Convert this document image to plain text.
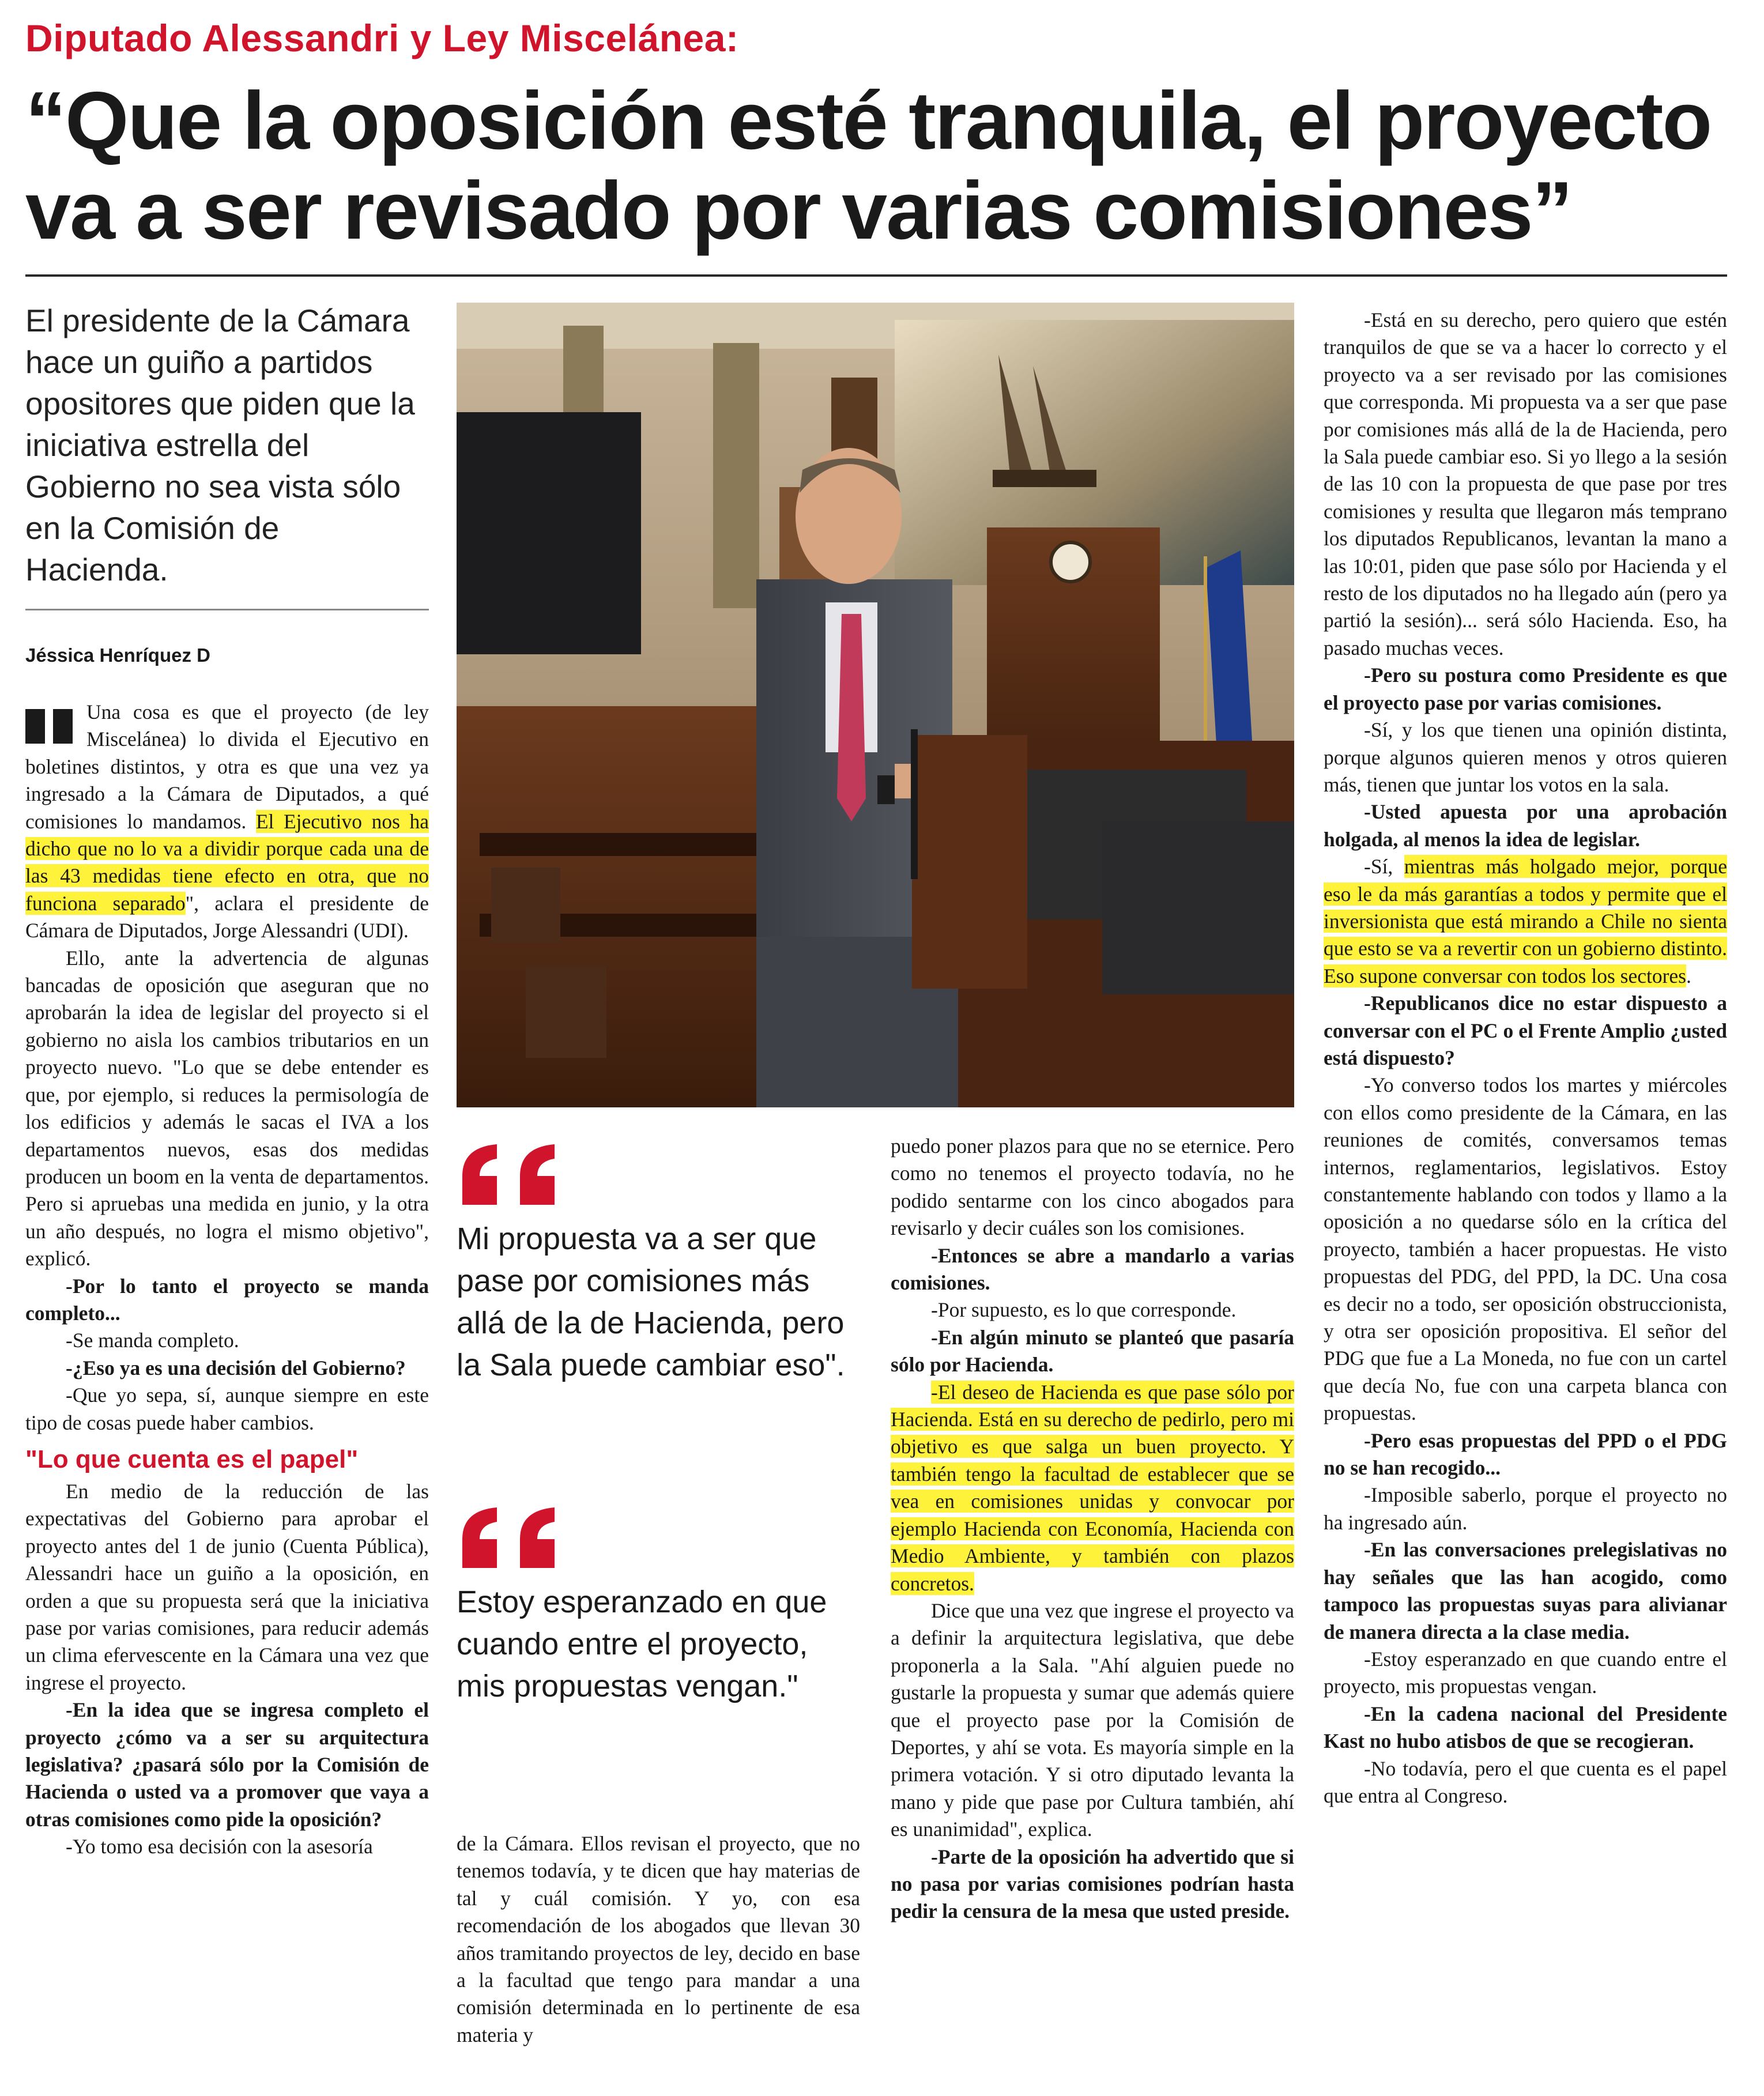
Diputado Alessandri y Ley Miscelánea:
“Que la oposición esté tranquila, el proyecto
va a ser revisado por varias comisiones”
El presidente de la Cámara hace un guiño a partidos opositores que piden que la iniciativa estrella del Gobierno no sea vista sólo en la Comisión de Hacienda.
Jéssica Henríquez D

Una cosa es que el proyecto (de ley Miscelánea) lo divida el Ejecutivo en boletines distintos, y otra es que una vez ya ingresado a la Cámara de Diputados, a qué comisiones lo mandamos. El Ejecutivo nos ha dicho que no lo va a dividir porque cada una de las 43 medidas tiene efecto en otra, que no funciona separado", aclara el presidente de Cámara de Diputados, Jorge Alessandri (UDI).

Ello, ante la advertencia de algunas bancadas de oposición que aseguran que no aprobarán la idea de legislar del proyecto si el gobierno no aisla los cambios tributarios en un proyecto nuevo. "Lo que se debe entender es que, por ejemplo, si reduces la permisología de los edificios y además le sacas el IVA a los departamentos nuevos, esas dos medidas producen un boom en la venta de departamentos. Pero si apruebas una medida en junio, y la otra un año después, no logra el mismo objetivo", explicó.

-Por lo tanto el proyecto se manda completo...

-Se manda completo.

-¿Eso ya es una decisión del Gobierno?

-Que yo sepa, sí, aunque siempre en este tipo de cosas puede haber cambios.

"Lo que cuenta es el papel"

En medio de la reducción de las expectativas del Gobierno para aprobar el proyecto antes del 1 de junio (Cuenta Pública), Alessandri hace un guiño a la oposición, en orden a que su propuesta será que la iniciativa pase por varias comisiones, para reducir además un clima efervescente en la Cámara una vez que ingrese el proyecto.

-En la idea que se ingresa completo el proyecto ¿cómo va a ser su arquitectura legislativa? ¿pasará sólo por la Comisión de Hacienda o usted va a promover que vaya a otras comisiones como pide la oposición?

-Yo tomo esa decisión con la asesoría

Mi propuesta va a ser que pase por comisiones más allá de la de Hacienda, pero la Sala puede cambiar eso".
Estoy esperanzado en que cuando entre el proyecto, mis propuestas vengan."

de la Cámara. Ellos revisan el proyecto, que no tenemos todavía, y te dicen que hay materias de tal y cuál comisión. Y yo, con esa recomendación de los abogados que llevan 30 años tramitando proyectos de ley, decido en base a la facultad que tengo para mandar a una comisión determinada en lo pertinente de esa materia y

puedo poner plazos para que no se eternice. Pero como no tenemos el proyecto todavía, no he podido sentarme con los cinco abogados para revisarlo y decir cuáles son los comisiones.

-Entonces se abre a mandarlo a varias comisiones.

-Por supuesto, es lo que corresponde.

-En algún minuto se planteó que pasaría sólo por Hacienda.

-El deseo de Hacienda es que pase sólo por Hacienda. Está en su derecho de pedirlo, pero mi objetivo es que salga un buen proyecto. Y también tengo la facultad de establecer que se vea en comisiones unidas y convocar por ejemplo Hacienda con Economía, Hacienda con Medio Ambiente, y también con plazos concretos.

Dice que una vez que ingrese el proyecto va a definir la arquitectura legislativa, que debe proponerla a la Sala. "Ahí alguien puede no gustarle la propuesta y sumar que además quiere que el proyecto pase por la Comisión de Deportes, y ahí se vota. Es mayoría simple en la primera votación. Y si otro diputado levanta la mano y pide que pase por Cultura también, ahí es unanimidad", explica.

-Parte de la oposición ha advertido que si no pasa por varias comisiones podrían hasta pedir la censura de la mesa que usted preside.

-Está en su derecho, pero quiero que estén tranquilos de que se va a hacer lo correcto y el proyecto va a ser revisado por las comisiones que corresponda. Mi propuesta va a ser que pase por comisiones más allá de la de Hacienda, pero la Sala puede cambiar eso. Si yo llego a la sesión de las 10 con la propuesta de que pase por tres comisiones y resulta que llegaron más temprano los diputados Republicanos, levantan la mano a las 10:01, piden que pase sólo por Hacienda y el resto de los diputados no ha llegado aún (pero ya partió la sesión)... será sólo Hacienda. Eso, ha pasado muchas veces.

-Pero su postura como Presidente es que el proyecto pase por varias comisiones.

-Sí, y los que tienen una opinión distinta, porque algunos quieren menos y otros quieren más, tienen que juntar los votos en la sala.

-Usted apuesta por una aprobación holgada, al menos la idea de legislar.

-Sí, mientras más holgado mejor, porque eso le da más garantías a todos y permite que el inversionista que está mirando a Chile no sienta que esto se va a revertir con un gobierno distinto. Eso supone conversar con todos los sectores.

-Republicanos dice no estar dispuesto a conversar con el PC o el Frente Amplio ¿usted está dispuesto?

-Yo converso todos los martes y miércoles con ellos como presidente de la Cámara, en las reuniones de comités, conversamos temas internos, reglamentarios, legislativos. Estoy constantemente hablando con todos y llamo a la oposición a no quedarse sólo en la crítica del proyecto, también a hacer propuestas. He visto propuestas del PDG, del PPD, la DC. Una cosa es decir no a todo, ser oposición obstruccionista, y otra ser oposición propositiva. El señor del PDG que fue a La Moneda, no fue con un cartel que decía No, fue con una carpeta blanca con propuestas.

-Pero esas propuestas del PPD o el PDG no se han recogido...

-Imposible saberlo, porque el proyecto no ha ingresado aún.

-En las conversaciones prelegislativas no hay señales que las han acogido, como tampoco las propuestas suyas para alivianar de manera directa a la clase media.

-Estoy esperanzado en que cuando entre el proyecto, mis propuestas vengan.

-En la cadena nacional del Presidente Kast no hubo atisbos de que se recogieran.

-No todavía, pero el que cuenta es el papel que entra al Congreso.
